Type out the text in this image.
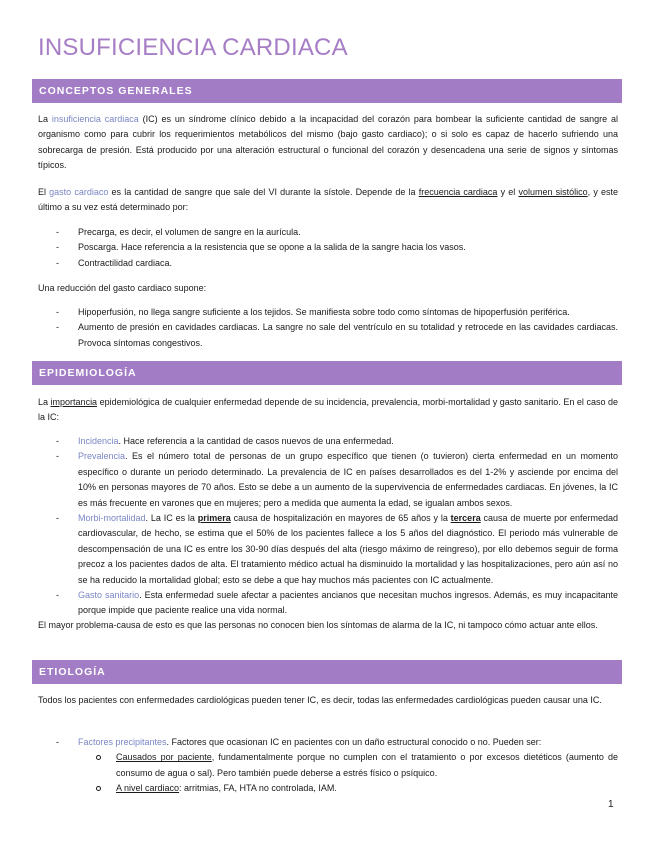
INSUFICIENCIA CARDIACA
CONCEPTOS GENERALES

La insuficiencia cardiaca (IC) es un síndrome clínico debido a la incapacidad del corazón para bombear la suficiente cantidad de sangre al organismo como para cubrir los requerimientos metabólicos del mismo (bajo gasto cardiaco); o si solo es capaz de hacerlo sufriendo una sobrecarga de presión. Está producido por una alteración estructural o funcional del corazón y desencadena una serie de signos y síntomas típicos.

El gasto cardiaco es la cantidad de sangre que sale del VI durante la sístole. Depende de la frecuencia cardiaca y el volumen sistólico, y este último a su vez está determinado por:

- Precarga, es decir, el volumen de sangre en la aurícula.
- Poscarga. Hace referencia a la resistencia que se opone a la salida de la sangre hacia los vasos.
- Contractilidad cardiaca.

Una reducción del gasto cardiaco supone:

- Hipoperfusión, no llega sangre suficiente a los tejidos. Se manifiesta sobre todo como síntomas de hipoperfusión periférica.
- Aumento de presión en cavidades cardiacas. La sangre no sale del ventrículo en su totalidad y retrocede en las cavidades cardiacas. Provoca síntomas congestivos.
EPIDEMIOLOGÍA

La importancia epidemiológica de cualquier enfermedad depende de su incidencia, prevalencia, morbi-mortalidad y gasto sanitario. En el caso de la IC:

- Incidencia. Hace referencia a la cantidad de casos nuevos de una enfermedad.
- Prevalencia. Es el número total de personas de un grupo específico que tienen (o tuvieron) cierta enfermedad en un momento específico o durante un periodo determinado. La prevalencia de IC en países desarrollados es del 1-2% y asciende por encima del 10% en personas mayores de 70 años. Esto se debe a un aumento de la supervivencia de enfermedades cardiacas. En jóvenes, la IC es más frecuente en varones que en mujeres; pero a medida que aumenta la edad, se igualan ambos sexos.
- Morbi-mortalidad. La IC es la primera causa de hospitalización en mayores de 65 años y la tercera causa de muerte por enfermedad cardiovascular, de hecho, se estima que el 50% de los pacientes fallece a los 5 años del diagnóstico. El periodo más vulnerable de descompensación de una IC es entre los 30-90 días después del alta (riesgo máximo de reingreso), por ello debemos seguir de forma precoz a los pacientes dados de alta. El tratamiento médico actual ha disminuido la mortalidad y las hospitalizaciones, pero aún así no se ha reducido la mortalidad global; esto se debe a que hay muchos más pacientes con IC actualmente.
- Gasto sanitario. Esta enfermedad suele afectar a pacientes ancianos que necesitan muchos ingresos. Además, es muy incapacitante porque impide que paciente realice una vida normal.

El mayor problema-causa de esto es que las personas no conocen bien los síntomas de alarma de la IC, ni tampoco cómo actuar ante ellos.

ETIOLOGÍA

Todos los pacientes con enfermedades cardiológicas pueden tener IC, es decir, todas las enfermedades cardiológicas pueden causar una IC.

- Factores precipitantes. Factores que ocasionan IC en pacientes con un daño estructural conocido o no. Pueden ser:
Causados por paciente, fundamentalmente porque no cumplen con el tratamiento o por excesos dietéticos (aumento de consumo de agua o sal). Pero también puede deberse a estrés físico o psíquico.
A nivel cardiaco: arritmias, FA, HTA no controlada, IAM.
1
